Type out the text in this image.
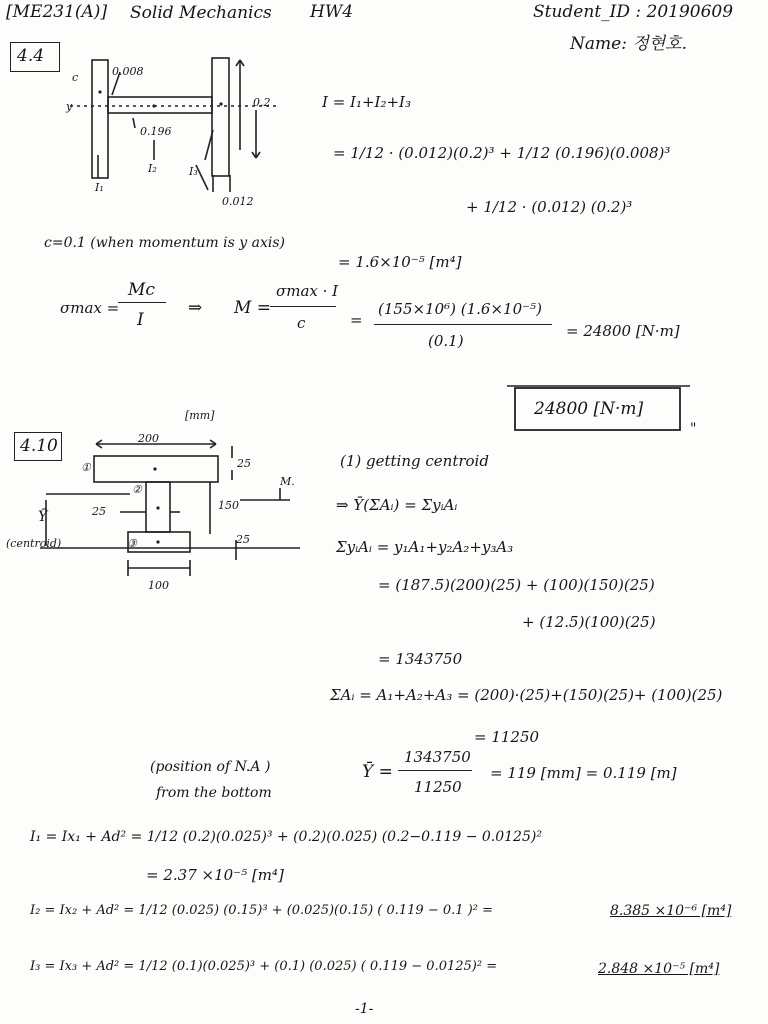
[ME231(A)] Solid Mechanics HW4	Student_ID : 20190609
Name: 정현호.
4.4
c
y
0.008
0.196
0.2
0.012
I₁
I₂	I₃
I = I₁+I₂+I₃
= 1/12 · (0.012)(0.2)³ + 1/12 (0.196)(0.008)³
+ 1/12 · (0.012) (0.2)³
c=0.1 (when momentum is y axis)
= 1.6×10⁻⁵ [m⁴]
σmax =
Mc
I
⇒ M =
σmax · I
c	=
(155×10⁶) (1.6×10⁻⁵)
(0.1)
= 24800 [N·m]
24800 [N·m]
"
4.10
[mm]
200
25
M.
150
25
25
100
Ȳ
(centroid)
①
②
③
(1) getting centroid
⇒ Ȳ(ΣAᵢ) = ΣyᵢAᵢ
ΣyᵢAᵢ = y₁A₁+y₂A₂+y₃A₃
= (187.5)(200)(25) + (100)(150)(25)
+ (12.5)(100)(25)
= 1343750
ΣAᵢ = A₁+A₂+A₃ = (200)·(25)+(150)(25)+ (100)(25)
= 11250
(position of N.A )
from the bottom
Ȳ =
1343750
11250
= 119 [mm] = 0.119 [m]
I₁ = Ix₁ + Ad² = 1/12 (0.2)(0.025)³ + (0.2)(0.025) (0.2−0.119 − 0.0125)²
= 2.37 ×10⁻⁵ [m⁴]
I₂ = Ix₂ + Ad² = 1/12 (0.025) (0.15)³ + (0.025)(0.15) ( 0.119 − 0.1 )² =	8.385 ×10⁻⁶ [m⁴]
I₃ = Ix₃ + Ad² = 1/12 (0.1)(0.025)³ + (0.1) (0.025) ( 0.119 − 0.0125)² =	2.848 ×10⁻⁵ [m⁴]
-1-
